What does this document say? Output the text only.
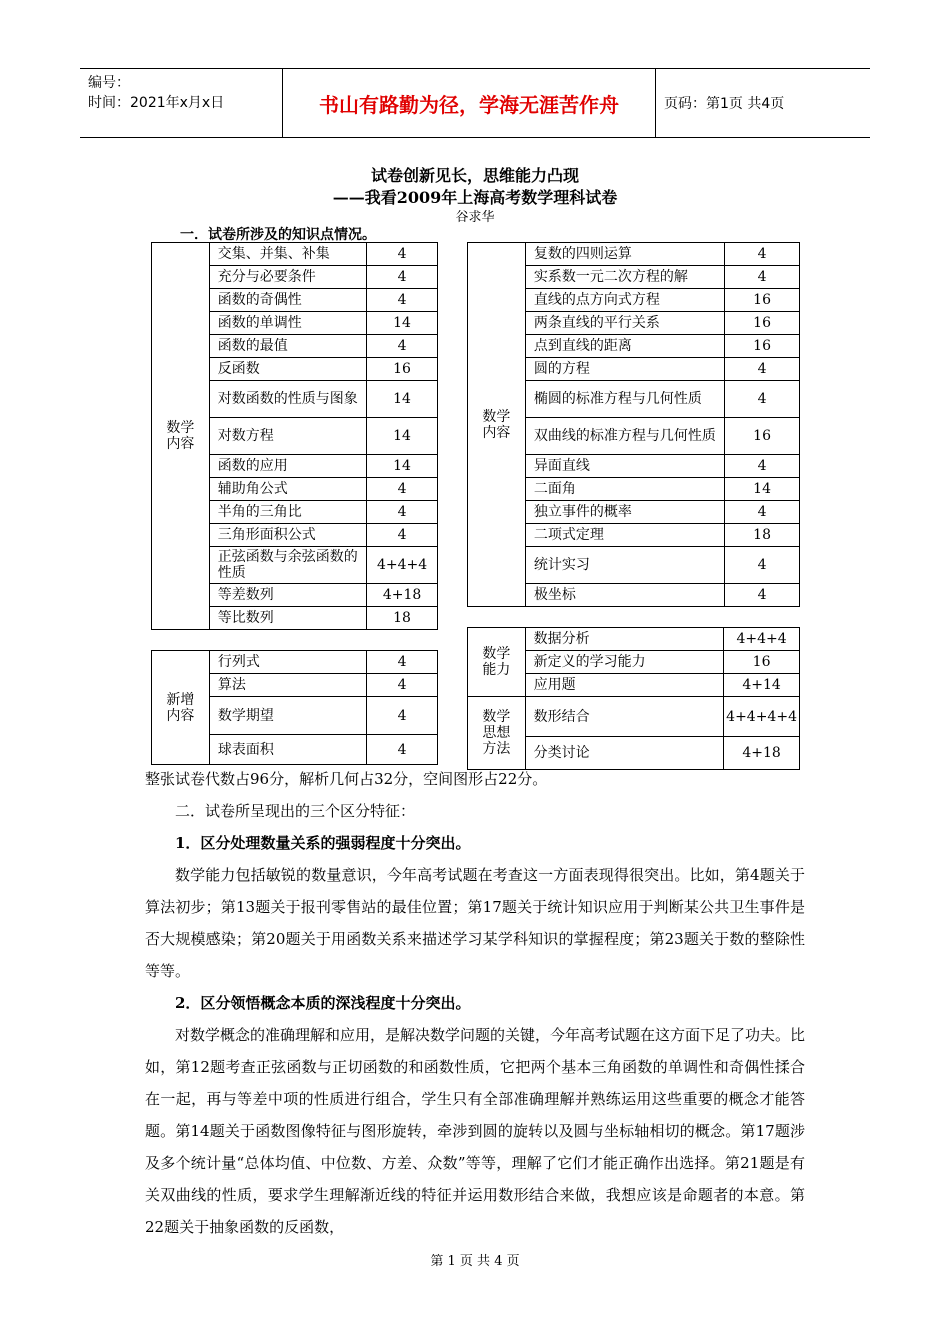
编号：
时间：2021年x月x日	书山有路勤为径，学海无涯苦作舟	页码：第1页 共4页
试卷创新见长，思维能力凸现
——我看2009年上海高考数学理科试卷
谷求华
一．试卷所涉及的知识点情况。
数学
内容	交集、并集、补集	4
	充分与必要条件	4
	函数的奇偶性	4
	函数的单调性	14
	函数的最值	4
	反函数	16
	对数函数的性质与图象	14
	对数方程	14
	函数的应用	14
	辅助角公式	4
	半角的三角比	4
	三角形面积公式	4
	正弦函数与余弦函数的性质	4+4+4
	等差数列	4+18
	等比数列	18
新增
内容	行列式	4
	算法	4
	数学期望	4
	球表面积	4
数学
内容	复数的四则运算	4
	实系数一元二次方程的解	4
	直线的点方向式方程	16
	两条直线的平行关系	16
	点到直线的距离	16
	圆的方程	4
	椭圆的标准方程与几何性质	4
	双曲线的标准方程与几何性质	16
	异面直线	4
	二面角	14
	独立事件的概率	4
	二项式定理	18
	统计实习	4
	极坐标	4
数学
能力	数据分析	4+4+4
	新定义的学习能力	16
	应用题	4+14
数学
思想
方法	数形结合	4+4+4+4
	分类讨论	4+18
整张试卷代数占96分，解析几何占32分，空间图形占22分。

二．试卷所呈现出的三个区分特征：

1．区分处理数量关系的强弱程度十分突出。

数学能力包括敏锐的数量意识，今年高考试题在考查这一方面表现得很突出。比如，第4题关于算法初步；第13题关于报刊零售站的最佳位置；第17题关于统计知识应用于判断某公共卫生事件是否大规模感染；第20题关于用函数关系来描述学习某学科知识的掌握程度；第23题关于数的整除性等等。

2．区分领悟概念本质的深浅程度十分突出。

对数学概念的准确理解和应用，是解决数学问题的关键，今年高考试题在这方面下足了功夫。比如，第12题考查正弦函数与正切函数的和函数性质，它把两个基本三角函数的单调性和奇偶性揉合在一起，再与等差中项的性质进行组合，学生只有全部准确理解并熟练运用这些重要的概念才能答题。第14题关于函数图像特征与图形旋转，牵涉到圆的旋转以及圆与坐标轴相切的概念。第17题涉及多个统计量“总体均值、中位数、方差、众数”等等，理解了它们才能正确作出选择。第21题是有关双曲线的性质，要求学生理解渐近线的特征并运用数形结合来做，我想应该是命题者的本意。第22题关于抽象函数的反函数，

第 1 页 共 4 页
